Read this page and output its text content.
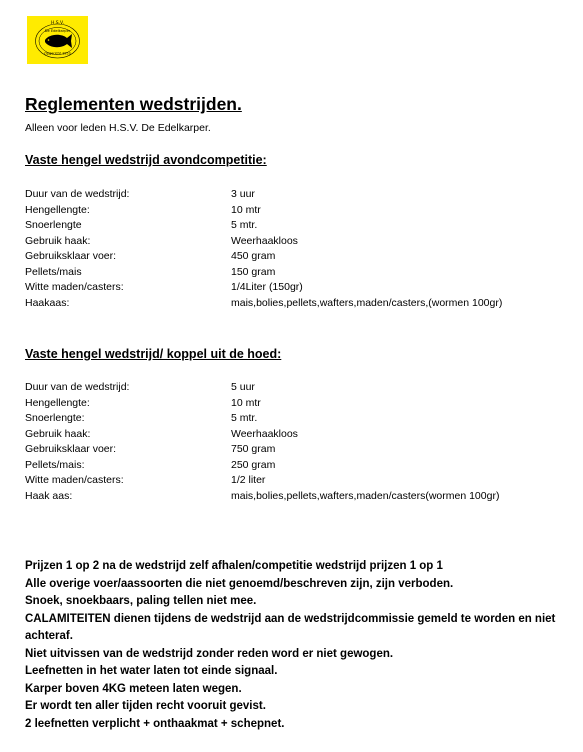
H.S.V.
De Edelkarper
Opgericht 1953
Reglementen wedstrijden.
Alleen voor leden H.S.V. De Edelkarper.
Vaste hengel wedstrijd avondcompetitie:
Duur van de wedstrijd:	3 uur
Hengellengte:	10 mtr
Snoerlengte	5 mtr.
Gebruik haak:	Weerhaakloos
Gebruiksklaar voer:	450 gram
Pellets/mais	150 gram
Witte maden/casters:	1/4Liter (150gr)
Haakaas:	mais,bolies,pellets,wafters,maden/casters,(wormen 100gr)
Vaste hengel wedstrijd/ koppel uit de hoed:
Duur van de wedstrijd:	5 uur
Hengellengte:	10 mtr
Snoerlengte:	5 mtr.
Gebruik haak:	Weerhaakloos
Gebruiksklaar voer:	750 gram
Pellets/mais:	250 gram
Witte maden/casters:	1/2 liter
Haak aas:	mais,bolies,pellets,wafters,maden/casters(wormen 100gr)

Prijzen 1 op 2 na de wedstrijd zelf afhalen/competitie wedstrijd prijzen 1 op 1

Alle overige voer/aassoorten die niet genoemd/beschreven zijn, zijn verboden.

Snoek, snoekbaars, paling tellen niet mee.

CALAMITEITEN dienen tijdens de wedstrijd aan de wedstrijdcommissie gemeld te worden en niet achteraf.

Niet uitvissen van de wedstrijd zonder reden word er niet gewogen.

Leefnetten in het water laten tot einde signaal.

Karper boven 4KG meteen laten wegen.

Er wordt ten aller tijden recht vooruit gevist.

2 leefnetten verplicht + onthaakmat + schepnet.
